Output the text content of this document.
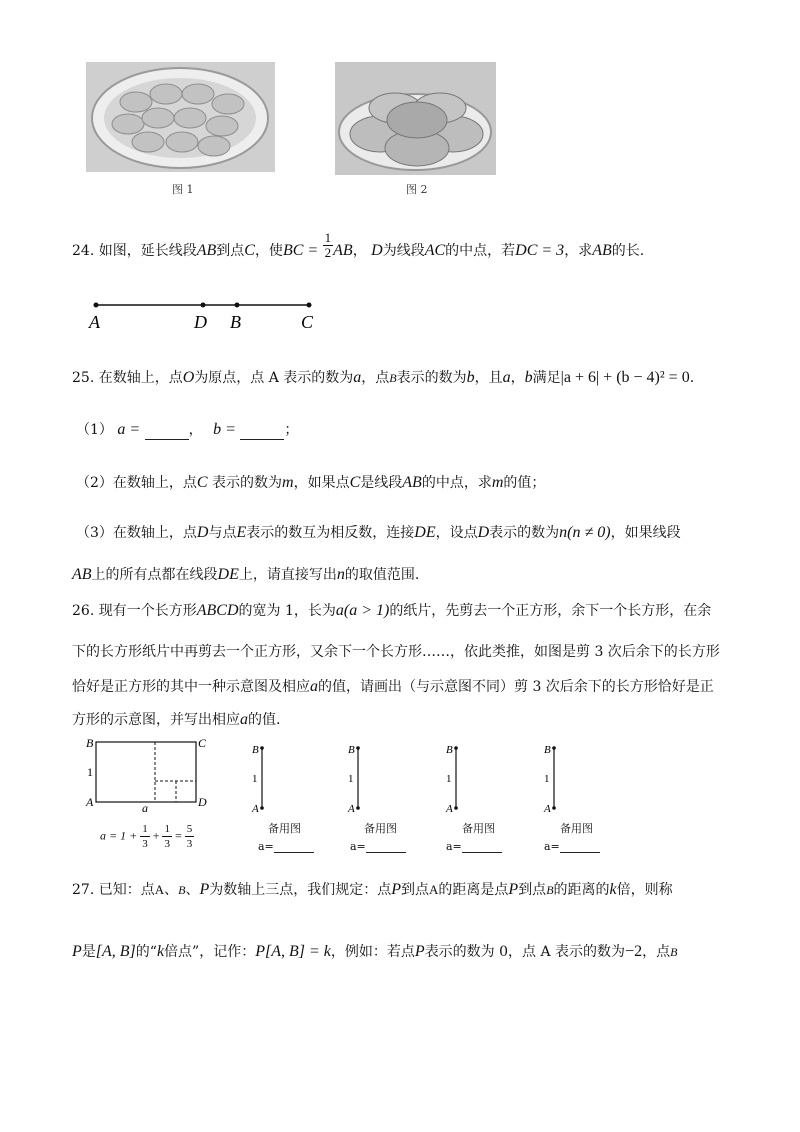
图 1	图 2
24. 如图，延长线段AB到点C，使BC = $\frac{1}{2}$ AB， D为线段AC的中点，若DC = 3，求AB的长.
A	D B	C
25. 在数轴上，点O为原点，点 A 表示的数为a，点B表示的数为b，且a，b满足|a + 6| + (b − 4)² = 0.
（1） a =	， b =	；
（2）在数轴上，点C 表示的数为m，如果点C是线段AB的中点，求m的值；
（3）在数轴上，点D与点E表示的数互为相反数，连接DE，设点D表示的数为n(n ≠ 0)，如果线段
AB上的所有点都在线段DE上，请直接写出n的取值范围.
26. 现有一个长方形ABCD的宽为 1，长为a(a > 1)的纸片，先剪去一个正方形，余下一个长方形，在余
下的长方形纸片中再剪去一个正方形，又余下一个长方形……，依此类推，如图是剪 3 次后余下的长方形
恰好是正方形的其中一种示意图及相应a的值，请画出（与示意图不同）剪 3 次后余下的长方形恰好是正
方形的示意图，并写出相应a的值.
B	C
A	D
1
a
$a = 1 + \frac{1}{3} + \frac{1}{3} = \frac{5}{3}$
B
1
A
备用图
a=
B
1
A
备用图
a=
B
1
A
备用图
a=
B
1
A
备用图
a=
27. 已知：点A、B、P为数轴上三点，我们规定：点P到点A的距离是点P到点B的距离的k倍，则称
P是[A, B]的“k倍点”，记作：P[A, B] = k，例如：若点P表示的数为 0，点 A 表示的数为−2，点B
